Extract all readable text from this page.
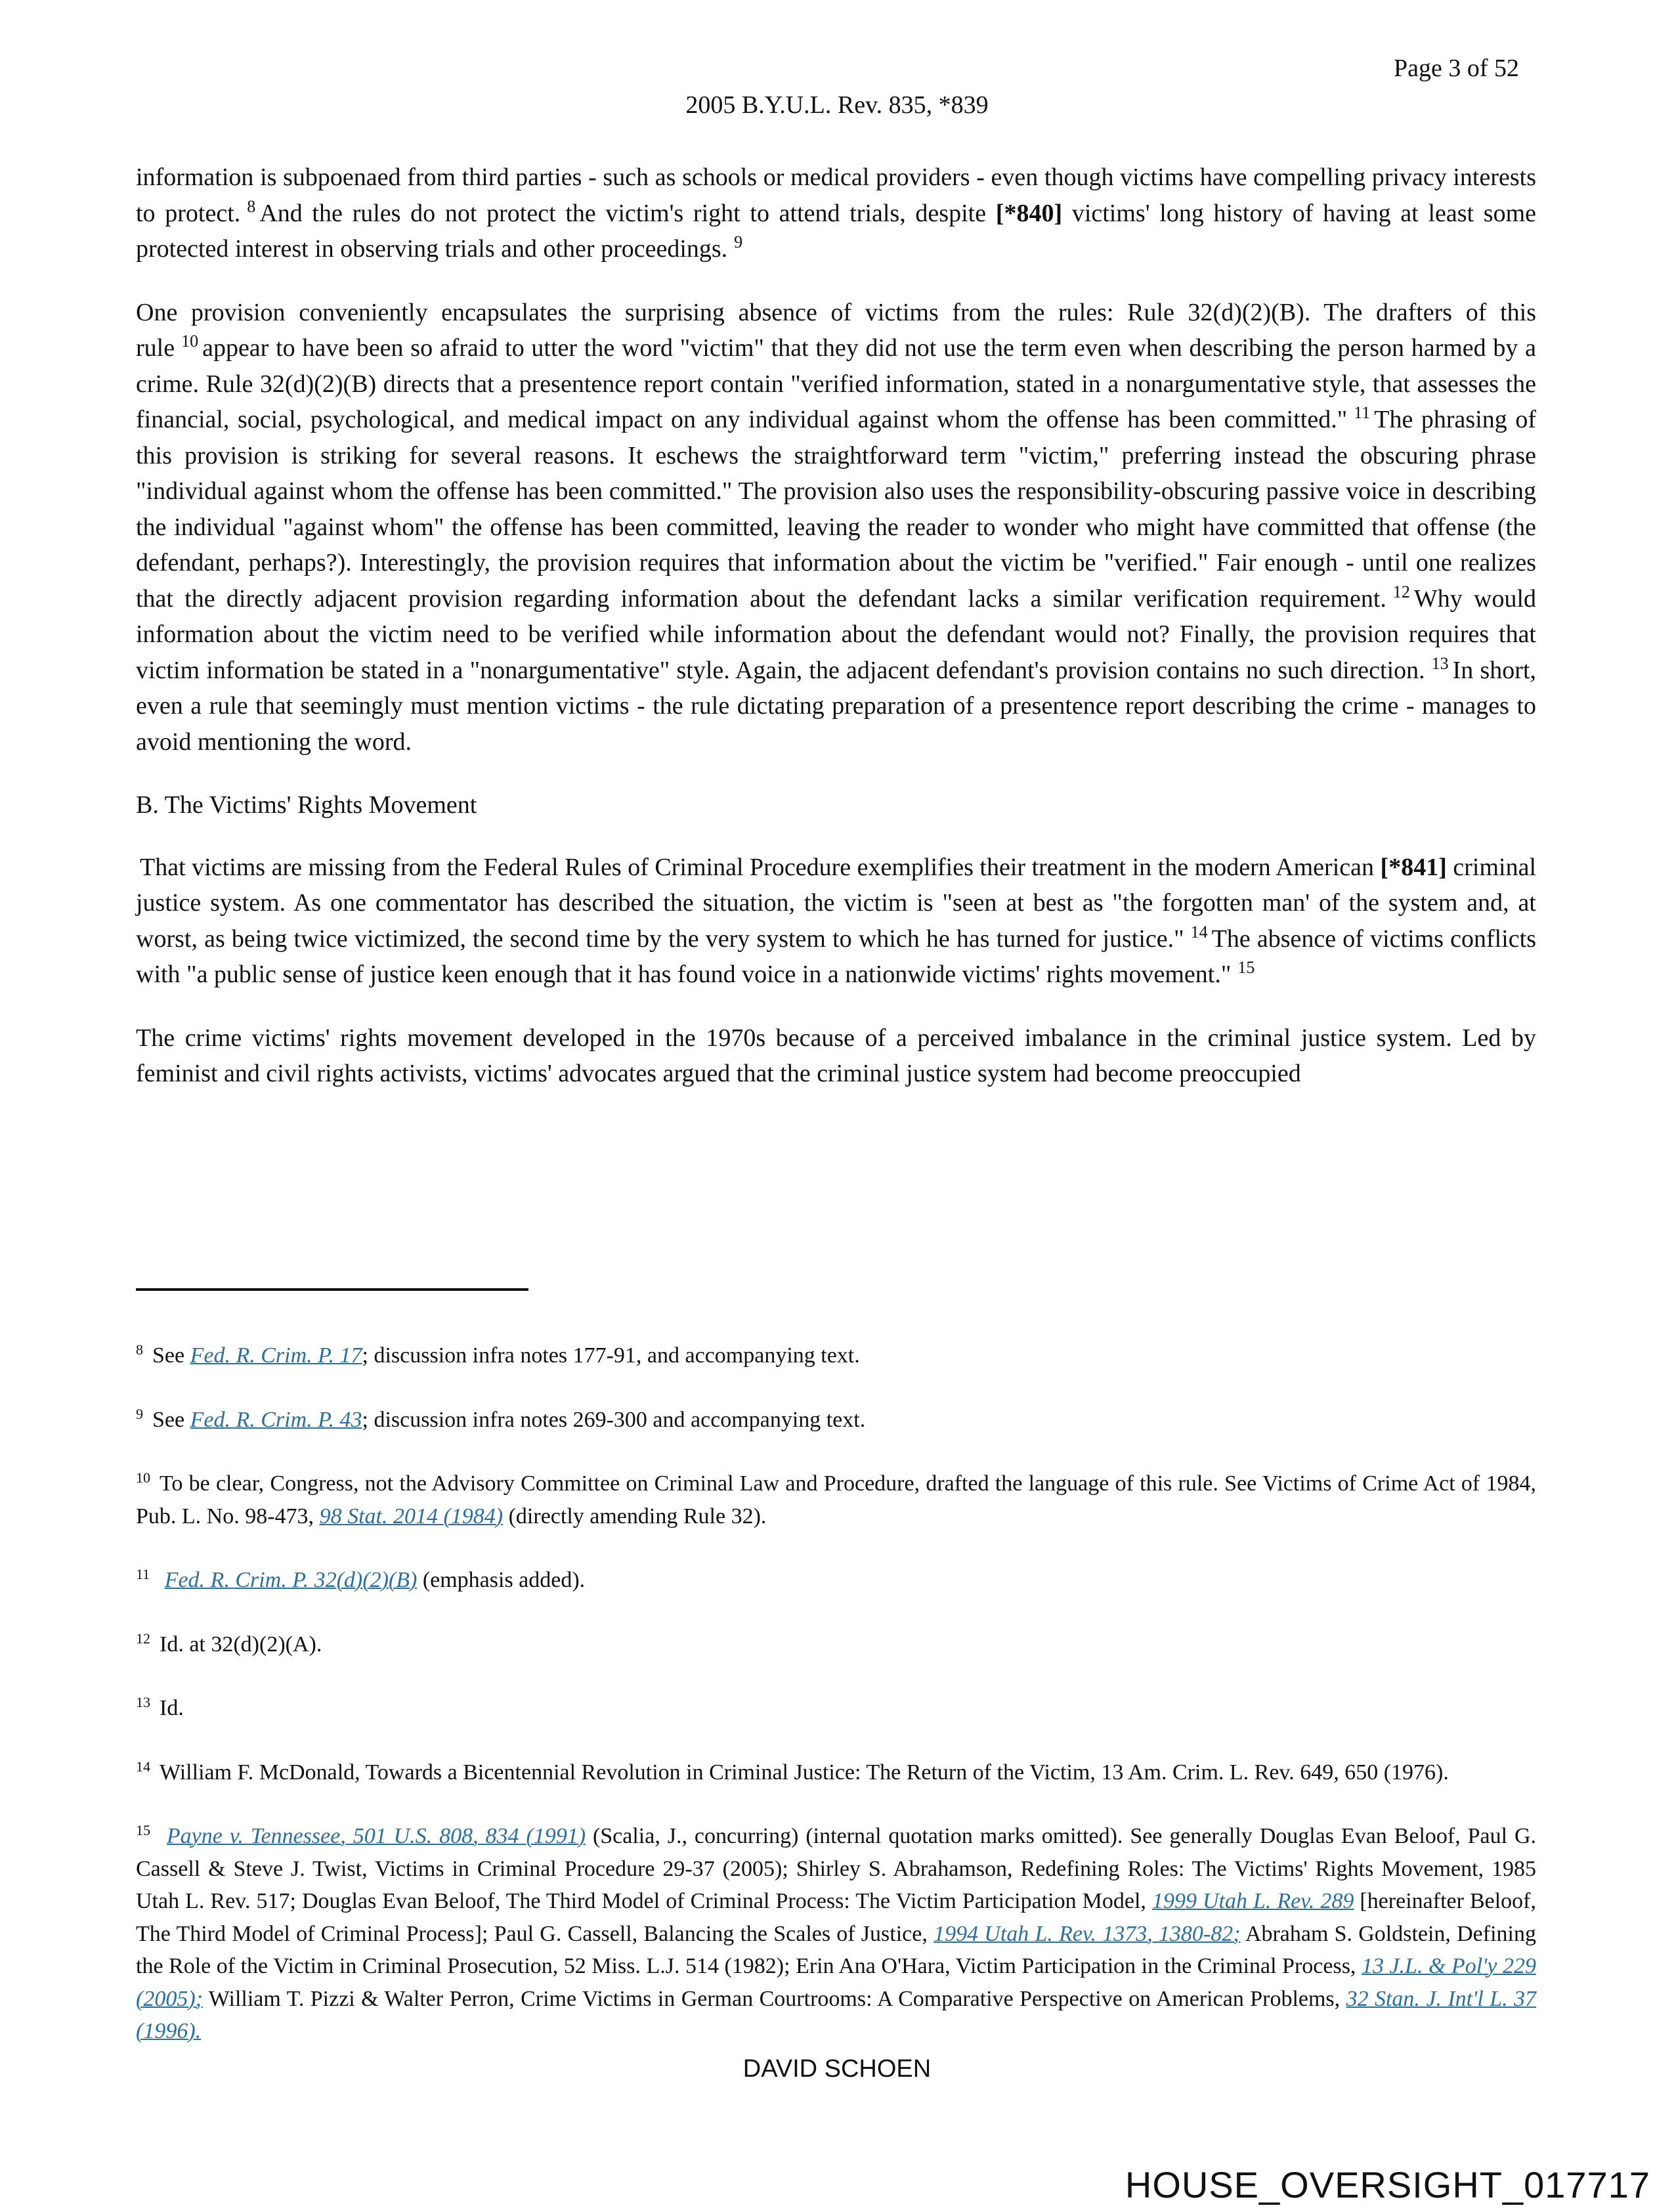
Page 3 of 52
2005 B.Y.U.L. Rev. 835, *839

information is subpoenaed from third parties - such as schools or medical providers - even though victims have compelling privacy interests to protect. $^8$ And the rules do not protect the victim's right to attend trials, despite [*840] victims' long history of having at least some protected interest in observing trials and other proceedings. $^9$

One provision conveniently encapsulates the surprising absence of victims from the rules: Rule 32(d)(2)(B). The drafters of this rule $^{10}$ appear to have been so afraid to utter the word "victim" that they did not use the term even when describing the person harmed by a crime. Rule 32(d)(2)(B) directs that a presentence report contain "verified information, stated in a nonargumentative style, that assesses the financial, social, psychological, and medical impact on any individual against whom the offense has been committed." $^{11}$ The phrasing of this provision is striking for several reasons. It eschews the straightforward term "victim," preferring instead the obscuring phrase "individual against whom the offense has been committed." The provision also uses the responsibility-obscuring passive voice in describing the individual "against whom" the offense has been committed, leaving the reader to wonder who might have committed that offense (the defendant, perhaps?). Interestingly, the provision requires that information about the victim be "verified." Fair enough - until one realizes that the directly adjacent provision regarding information about the defendant lacks a similar verification requirement. $^{12}$ Why would information about the victim need to be verified while information about the defendant would not? Finally, the provision requires that victim information be stated in a "nonargumentative" style. Again, the adjacent defendant's provision contains no such direction. $^{13}$ In short, even a rule that seemingly must mention victims - the rule dictating preparation of a presentence report describing the crime - manages to avoid mentioning the word.

B. The Victims' Rights Movement

That victims are missing from the Federal Rules of Criminal Procedure exemplifies their treatment in the modern American [*841] criminal justice system. As one commentator has described the situation, the victim is "seen at best as "the forgotten man' of the system and, at worst, as being twice victimized, the second time by the very system to which he has turned for justice." $^{14}$ The absence of victims conflicts with "a public sense of justice keen enough that it has found voice in a nationwide victims' rights movement." $^{15}$

The crime victims' rights movement developed in the 1970s because of a perceived imbalance in the criminal justice system. Led by feminist and civil rights activists, victims' advocates argued that the criminal justice system had become preoccupied

$^8$ See Fed. R. Crim. P. 17; discussion infra notes 177-91, and accompanying text.

$^9$ See Fed. R. Crim. P. 43; discussion infra notes 269-300 and accompanying text.

$^{10}$ To be clear, Congress, not the Advisory Committee on Criminal Law and Procedure, drafted the language of this rule. See Victims of Crime Act of 1984, Pub. L. No. 98-473, 98 Stat. 2014 (1984) (directly amending Rule 32).

$^{11}$ Fed. R. Crim. P. 32(d)(2)(B) (emphasis added).

$^{12}$ Id. at 32(d)(2)(A).

$^{13}$ Id.

$^{14}$ William F. McDonald, Towards a Bicentennial Revolution in Criminal Justice: The Return of the Victim, 13 Am. Crim. L. Rev. 649, 650 (1976).

$^{15}$ Payne v. Tennessee, 501 U.S. 808, 834 (1991) (Scalia, J., concurring) (internal quotation marks omitted). See generally Douglas Evan Beloof, Paul G. Cassell & Steve J. Twist, Victims in Criminal Procedure 29-37 (2005); Shirley S. Abrahamson, Redefining Roles: The Victims' Rights Movement, 1985 Utah L. Rev. 517; Douglas Evan Beloof, The Third Model of Criminal Process: The Victim Participation Model, 1999 Utah L. Rev. 289 [hereinafter Beloof, The Third Model of Criminal Process]; Paul G. Cassell, Balancing the Scales of Justice, 1994 Utah L. Rev. 1373, 1380-82; Abraham S. Goldstein, Defining the Role of the Victim in Criminal Prosecution, 52 Miss. L.J. 514 (1982); Erin Ana O'Hara, Victim Participation in the Criminal Process, 13 J.L. & Pol'y 229 (2005); William T. Pizzi & Walter Perron, Crime Victims in German Courtrooms: A Comparative Perspective on American Problems, 32 Stan. J. Int'l L. 37 (1996).

DAVID SCHOEN
HOUSE_OVERSIGHT_017717
